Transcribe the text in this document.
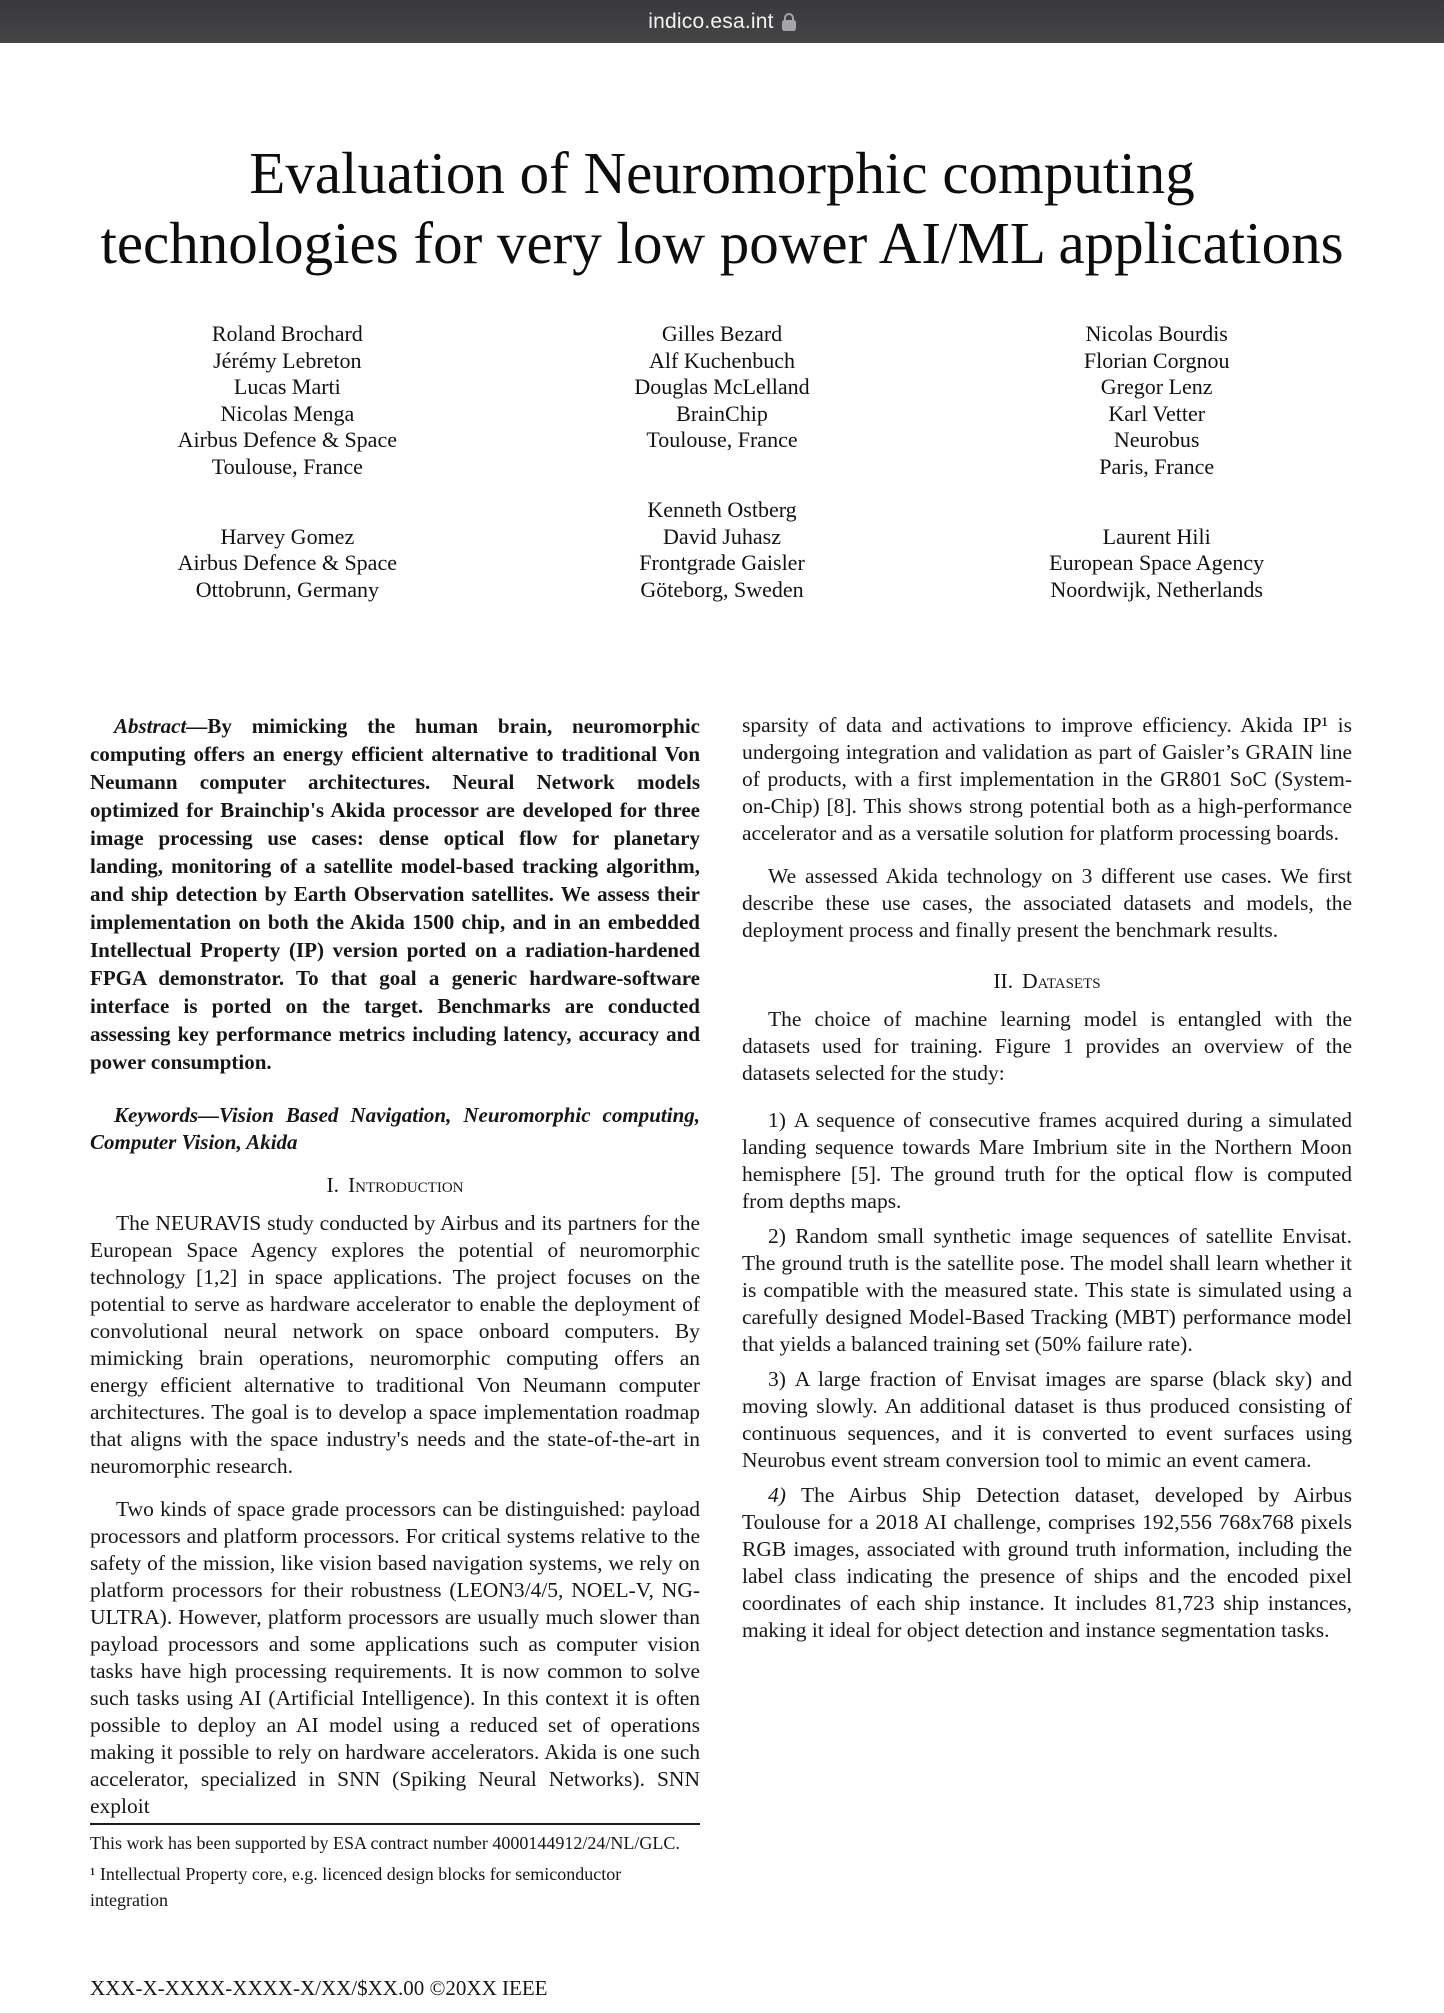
indico.esa.int
Evaluation of Neuromorphic computing
technologies for very low power AI/ML applications
Roland Brochard
Jérémy Lebreton
Lucas Marti
Nicolas Menga
Airbus Defence & Space
Toulouse, France
Gilles Bezard
Alf Kuchenbuch
Douglas McLelland
BrainChip
Toulouse, France
Nicolas Bourdis
Florian Corgnou
Gregor Lenz
Karl Vetter
Neurobus
Paris, France
Harvey Gomez
Airbus Defence & Space
Ottobrunn, Germany
Kenneth Ostberg
David Juhasz
Frontgrade Gaisler
Göteborg, Sweden
Laurent Hili
European Space Agency
Noordwijk, Netherlands

Abstract—By mimicking the human brain, neuromorphic computing offers an energy efficient alternative to traditional Von Neumann computer architectures. Neural Network models optimized for Brainchip's Akida processor are developed for three image processing use cases: dense optical flow for planetary landing, monitoring of a satellite model-based tracking algorithm, and ship detection by Earth Observation satellites. We assess their implementation on both the Akida 1500 chip, and in an embedded Intellectual Property (IP) version ported on a radiation-hardened FPGA demonstrator. To that goal a generic hardware-software interface is ported on the target. Benchmarks are conducted assessing key performance metrics including latency, accuracy and power consumption.

Keywords—Vision Based Navigation, Neuromorphic computing, Computer Vision, Akida

I. Introduction

The NEURAVIS study conducted by Airbus and its partners for the European Space Agency explores the potential of neuromorphic technology [1,2] in space applications. The project focuses on the potential to serve as hardware accelerator to enable the deployment of convolutional neural network on space onboard computers. By mimicking brain operations, neuromorphic computing offers an energy efficient alternative to traditional Von Neumann computer architectures. The goal is to develop a space implementation roadmap that aligns with the space industry's needs and the state-of-the-art in neuromorphic research.

Two kinds of space grade processors can be distinguished: payload processors and platform processors. For critical systems relative to the safety of the mission, like vision based navigation systems, we rely on platform processors for their robustness (LEON3/4/5, NOEL-V, NG-ULTRA). However, platform processors are usually much slower than payload processors and some applications such as computer vision tasks have high processing requirements. It is now common to solve such tasks using AI (Artificial Intelligence). In this context it is often possible to deploy an AI model using a reduced set of operations making it possible to rely on hardware accelerators. Akida is one such accelerator, specialized in SNN (Spiking Neural Networks). SNN exploit

This work has been supported by ESA contract number 4000144912/24/NL/GLC.

¹ Intellectual Property core, e.g. licenced design blocks for semiconductor integration

sparsity of data and activations to improve efficiency. Akida IP¹ is undergoing integration and validation as part of Gaisler’s GRAIN line of products, with a first implementation in the GR801 SoC (System-on-Chip) [8]. This shows strong potential both as a high-performance accelerator and as a versatile solution for platform processing boards.

We assessed Akida technology on 3 different use cases. We first describe these use cases, the associated datasets and models, the deployment process and finally present the benchmark results.

II. Datasets

The choice of machine learning model is entangled with the datasets used for training. Figure 1 provides an overview of the datasets selected for the study:

1) A sequence of consecutive frames acquired during a simulated landing sequence towards Mare Imbrium site in the Northern Moon hemisphere [5]. The ground truth for the optical flow is computed from depths maps.

2) Random small synthetic image sequences of satellite Envisat. The ground truth is the satellite pose. The model shall learn whether it is compatible with the measured state. This state is simulated using a carefully designed Model-Based Tracking (MBT) performance model that yields a balanced training set (50% failure rate).

3) A large fraction of Envisat images are sparse (black sky) and moving slowly. An additional dataset is thus produced consisting of continuous sequences, and it is converted to event surfaces using Neurobus event stream conversion tool to mimic an event camera.

4) The Airbus Ship Detection dataset, developed by Airbus Toulouse for a 2018 AI challenge, comprises 192,556 768x768 pixels RGB images, associated with ground truth information, including the label class indicating the presence of ships and the encoded pixel coordinates of each ship instance. It includes 81,723 ship instances, making it ideal for object detection and instance segmentation tasks.

XXX-X-XXXX-XXXX-X/XX/$XX.00 ©20XX IEEE
